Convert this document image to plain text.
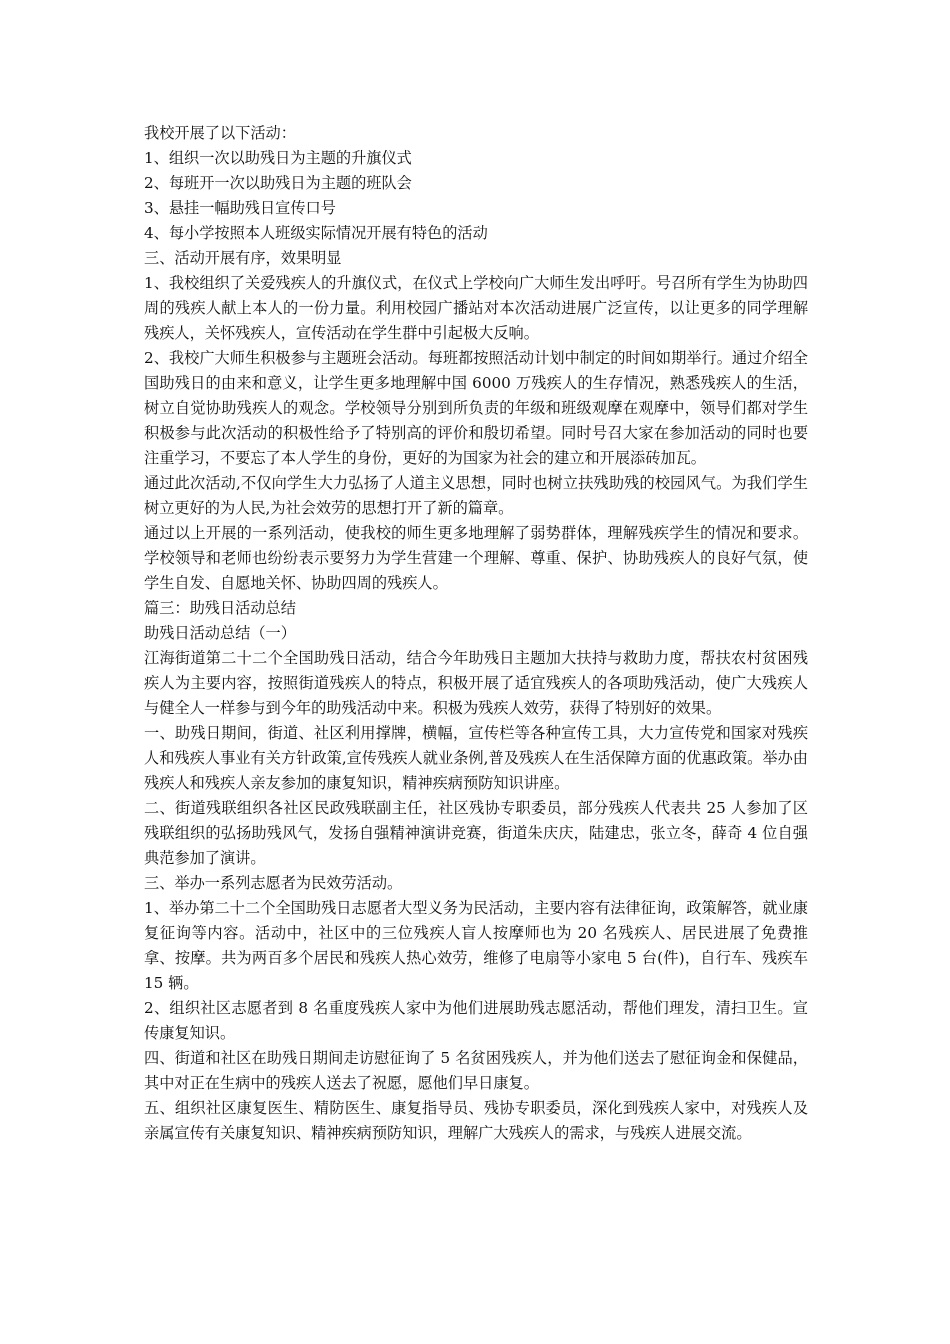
我校开展了以下活动：

1、组织一次以助残日为主题的升旗仪式

2、每班开一次以助残日为主题的班队会

3、悬挂一幅助残日宣传口号

4、每小学按照本人班级实际情况开展有特色的活动

三、活动开展有序，效果明显

1、我校组织了关爱残疾人的升旗仪式，在仪式上学校向广大师生发出呼吁。号召所有学生为协助四周的残疾人献上本人的一份力量。利用校园广播站对本次活动进展广泛宣传，以让更多的同学理解残疾人，关怀残疾人，宣传活动在学生群中引起极大反响。

2、我校广大师生积极参与主题班会活动。每班都按照活动计划中制定的时间如期举行。通过介绍全国助残日的由来和意义，让学生更多地理解中国 6000 万残疾人的生存情况，熟悉残疾人的生活，树立自觉协助残疾人的观念。学校领导分别到所负责的年级和班级观摩在观摩中，领导们都对学生积极参与此次活动的积极性给予了特别高的评价和殷切希望。同时号召大家在参加活动的同时也要注重学习，不要忘了本人学生的身份，更好的为国家为社会的建立和开展添砖加瓦。

通过此次活动,不仅向学生大力弘扬了人道主义思想，同时也树立扶残助残的校园风气。为我们学生树立更好的为人民,为社会效劳的思想打开了新的篇章。

通过以上开展的一系列活动，使我校的师生更多地理解了弱势群体，理解残疾学生的情况和要求。学校领导和老师也纷纷表示要努力为学生营建一个理解、尊重、保护、协助残疾人的良好气氛，使学生自发、自愿地关怀、协助四周的残疾人。

篇三：助残日活动总结

助残日活动总结（一）

江海街道第二十二个全国助残日活动，结合今年助残日主题加大扶持与救助力度，帮扶农村贫困残疾人为主要内容，按照街道残疾人的特点，积极开展了适宜残疾人的各项助残活动，使广大残疾人与健全人一样参与到今年的助残活动中来。积极为残疾人效劳，获得了特别好的效果。

一、助残日期间，街道、社区利用撑牌，横幅，宣传栏等各种宣传工具，大力宣传党和国家对残疾人和残疾人事业有关方针政策,宣传残疾人就业条例,普及残疾人在生活保障方面的优惠政策。举办由残疾人和残疾人亲友参加的康复知识，精神疾病预防知识讲座。

二、街道残联组织各社区民政残联副主任，社区残协专职委员，部分残疾人代表共 25 人参加了区残联组织的弘扬助残风气，发扬自强精神演讲竞赛，街道朱庆庆，陆建忠，张立冬，薛奇 4 位自强典范参加了演讲。

三、举办一系列志愿者为民效劳活动。

1、举办第二十二个全国助残日志愿者大型义务为民活动，主要内容有法律征询，政策解答，就业康复征询等内容。活动中，社区中的三位残疾人盲人按摩师也为 20 名残疾人、居民进展了免费推拿、按摩。共为两百多个居民和残疾人热心效劳，维修了电扇等小家电 5 台(件)，自行车、残疾车 15 辆。

2、组织社区志愿者到 8 名重度残疾人家中为他们进展助残志愿活动，帮他们理发，清扫卫生。宣传康复知识。

四、街道和社区在助残日期间走访慰征询了 5 名贫困残疾人，并为他们送去了慰征询金和保健品，其中对正在生病中的残疾人送去了祝愿，愿他们早日康复。

五、组织社区康复医生、精防医生、康复指导员、残协专职委员，深化到残疾人家中，对残疾人及亲属宣传有关康复知识、精神疾病预防知识，理解广大残疾人的需求，与残疾人进展交流。
